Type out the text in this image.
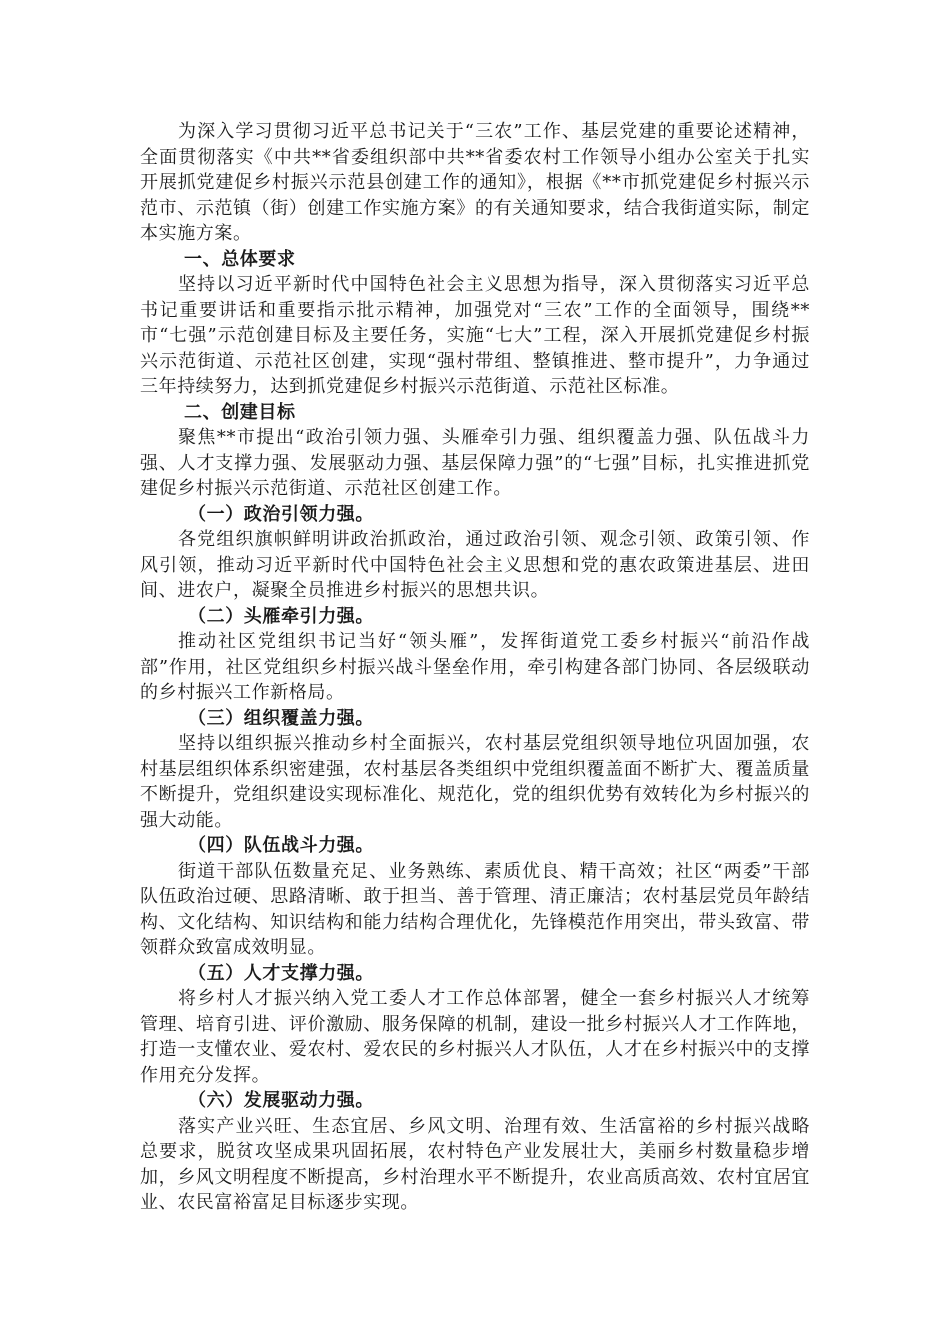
为深入学习贯彻习近平总书记关于“三农”工作、基层党建的重要论述精神，全面贯彻落实《中共**省委组织部中共**省委农村工作领导小组办公室关于扎实开展抓党建促乡村振兴示范县创建工作的通知》，根据《**市抓党建促乡村振兴示范市、示范镇（街）创建工作实施方案》的有关通知要求，结合我街道实际，制定本实施方案。

一、总体要求

坚持以习近平新时代中国特色社会主义思想为指导，深入贯彻落实习近平总书记重要讲话和重要指示批示精神，加强党对“三农”工作的全面领导，围绕**市“七强”示范创建目标及主要任务，实施“七大”工程，深入开展抓党建促乡村振兴示范街道、示范社区创建，实现“强村带组、整镇推进、整市提升”，力争通过三年持续努力，达到抓党建促乡村振兴示范街道、示范社区标准。

二、创建目标

聚焦**市提出“政治引领力强、头雁牵引力强、组织覆盖力强、队伍战斗力强、人才支撑力强、发展驱动力强、基层保障力强”的“七强”目标，扎实推进抓党建促乡村振兴示范街道、示范社区创建工作。

（一）政治引领力强。

各党组织旗帜鲜明讲政治抓政治，通过政治引领、观念引领、政策引领、作风引领，推动习近平新时代中国特色社会主义思想和党的惠农政策进基层、进田间、进农户，凝聚全员推进乡村振兴的思想共识。

（二）头雁牵引力强。

推动社区党组织书记当好“领头雁”，发挥街道党工委乡村振兴“前沿作战部”作用，社区党组织乡村振兴战斗堡垒作用，牵引构建各部门协同、各层级联动的乡村振兴工作新格局。

（三）组织覆盖力强。

坚持以组织振兴推动乡村全面振兴，农村基层党组织领导地位巩固加强，农村基层组织体系织密建强，农村基层各类组织中党组织覆盖面不断扩大、覆盖质量不断提升，党组织建设实现标准化、规范化，党的组织优势有效转化为乡村振兴的强大动能。

（四）队伍战斗力强。

街道干部队伍数量充足、业务熟练、素质优良、精干高效；社区“两委”干部队伍政治过硬、思路清晰、敢于担当、善于管理、清正廉洁；农村基层党员年龄结构、文化结构、知识结构和能力结构合理优化，先锋模范作用突出，带头致富、带领群众致富成效明显。

（五）人才支撑力强。

将乡村人才振兴纳入党工委人才工作总体部署，健全一套乡村振兴人才统筹管理、培育引进、评价激励、服务保障的机制，建设一批乡村振兴人才工作阵地，打造一支懂农业、爱农村、爱农民的乡村振兴人才队伍，人才在乡村振兴中的支撑作用充分发挥。

（六）发展驱动力强。

落实产业兴旺、生态宜居、乡风文明、治理有效、生活富裕的乡村振兴战略总要求，脱贫攻坚成果巩固拓展，农村特色产业发展壮大，美丽乡村数量稳步增加，乡风文明程度不断提高，乡村治理水平不断提升，农业高质高效、农村宜居宜业、农民富裕富足目标逐步实现。
